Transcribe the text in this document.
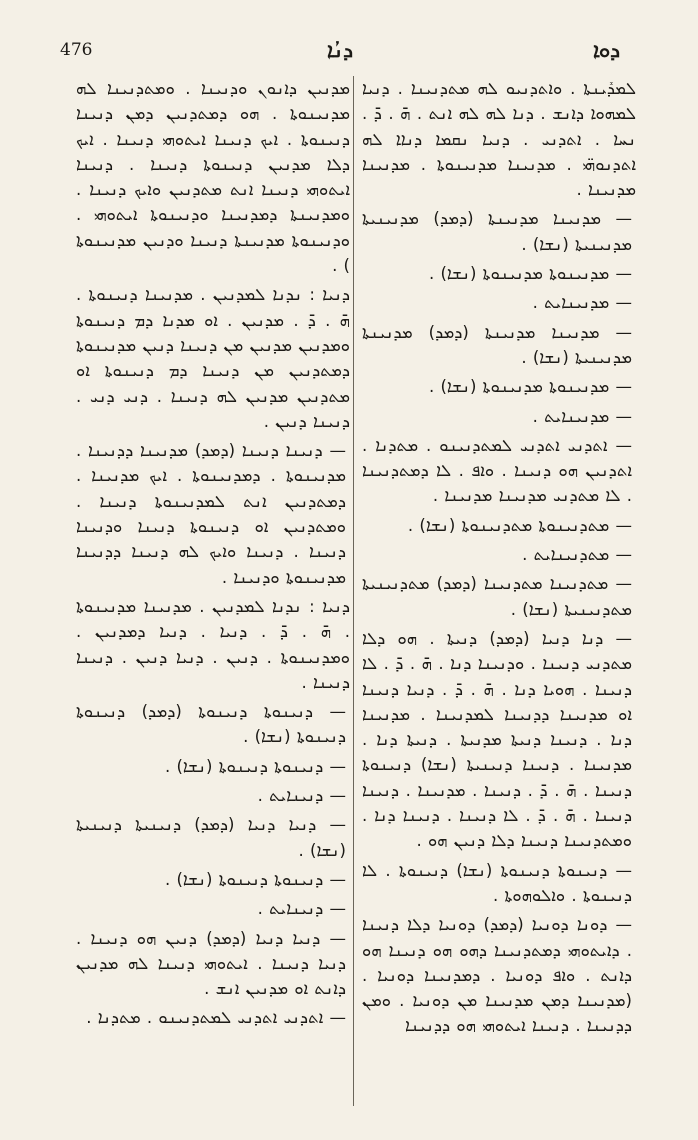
476	ܕܢܳܐ	ܕܘܐ

ܠܡܕܺܝܢܬܐ . ܘܐܬܕܢܝܘ ܠܗ ܡܬܕܢܝܢܐ . ܕܢܝܐ ܠܡܗܘܐ ܕܐܢܫ . ܕܢܐ ܠܗ ܠܗ ܐܢܬ . ܗ̄ . ܕ̄ . ܢܚܐ . ܐܬܕܢܝ . ܕܢܝܐ ܢܩܡܐ ܕܢܐܐ ܠܗ ܐܬܕܢܘܗ̈ܝ . ܡܕܢܝܢܐ ܡܕܢܝܢܘܬܐ . ܡܕܢܝܢܐ ܡܕܢܝܢܐ .

— ܡܕܢܝܢܐ ܡܕܢܝܢܬܐ (ܕܡܕ) ܡܕܢܝܢܝܬܐ ܡܕܢܝܢܝܬܐ (ܢܫܐ) .

— ܡܕܢܝܢܘܬܐ ܡܕܢܝܢܘܬܐ (ܢܫܐ) .

— ܡܕܢܝܢܐܝܬ .

— ܡܕܢܝܢܐ ܡܕܢܝܢܬܐ (ܕܡܕ) ܡܕܢܝܢܬܐ ܡܕܢܝܢܝܬܐ (ܢܫܐ) .

— ܡܕܢܝܢܘܬܐ ܡܕܢܝܢܘܬܐ (ܢܫܐ) .

— ܡܕܢܝܢܐܝܬ .

— ܐܬܕܢܝ ܐܬܕܢܝ ܠܡܬܕܢܝܢܘ . ܡܬܕܢܐ . ܐܬܕܢܝܢ ܗܘ ܕܢܝܢܐ . ܘܐܦ . ܠܐ ܕܡܬܕܢܝܢܐ . ܠܐ ܡܬܕܢܝ ܡܕܢܝܢܐ ܡܕܢܝܢܐ .

— ܡܬܕܢܝܢܘܬܐ ܡܬܕܢܝܢܘܬܐ (ܢܫܐ) .

— ܡܬܕܢܝܢܐܝܬ .

— ܡܬܕܢܝܢܐ ܡܬܕܢܝܢܐ (ܕܡܕ) ܡܬܕܢܝܢܝܬܐ ܡܬܕܢܝܢܝܬܐ (ܢܫܐ) .

— ܕܢܐ ܕܢܝܐ (ܕܡܕ) ܕܢܝܬܐ . ܗܘ ܕܠܐ ܡܬܕܢܝ ܕܢܝܢܐ . ܘܕܢܝܢܐ ܕܢܐ . ܗ̄ . ܕ̄ . ܠܐ ܕܢܝܢܐ . ܗܘܝܐ ܕܢܐ . ܗ̄ . ܕ̄ . ܕܢܝܐ ܕܢܝܢܐ ܐܘ ܡܕܢܝܢܐ ܕܕܢܝܢܐ ܠܡܕܢܝܢܐ . ܡܕܢܝܢܐ ܕܢܐ . ܕܢܝܢܐ ܕܢܝܬܐ ܡܕܢܝܬܐ . ܕܢܝܬܐ ܕܢܐ . ܡܕܢܝܢܐ . ܕܢܝܢܐ ܕܢܝܢܝܬܐ (ܢܫܐ) ܕܢܝܢܘܬܐ ܕܢܝܢܐ . ܗ̄ . ܕ̄ . ܕܢܝܢܐ . ܡܕܢܝܢܐ . ܕܢܝܢܐ ܕܢܝܢܐ . ܗ̄ . ܕ̄ . ܠܐ ܕܢܝܢܐ . ܕܢܝܢܐ ܕܢܐ . ܘܡܬܕܢܝܢܐ ܕܢܝܢܐ ܕܠܐ ܕܢܝܢ ܗܘ .

— ܕܢܝܢܘܬܐ ܕܢܝܢܘܬܐ (ܢܫܐ) ܕܢܝܢܘܬܐ . ܠܐ ܕܢܝܢܘܬܐ . ܘܐܠܘܗܘܬܐ .

— ܕܘܢܐ ܕܘܢܝܐ (ܕܡܕ) ܕܘܢܝܐ ܕܠܐ ܕܢܝܢܐ . ܕܐܝܬܘܗܝ ܕܡܬܕܢܝܢܐ ܕܗܘ ܗܘ ܕܢܝܢܐ ܗܘ ܕܐܢܬ . ܘܐܦ ܕܘܢܝܐ . ܕܡܕܢܝܢܐ ܕܘܢܝܐ . (ܡܕܢܝܢܐ ܕܡܢ ܡܕܢܝܢܐ ܡܢ ܕܘܢܝܐ . ܘܡܢ ܕܕܢܝܢܐ . ܕܢܝܢܐ ܐܝܬܘܗܝ ܗܘ ܕܕܢܝܢܐ

ܡܕܢܝܢ ܕܐܢܘܢ ܘܕܢܝܢܐ . ܘܡܬܕܢܝܢܐ ܠܗ ܡܕܢܝܢܘܬܐ . ܗܘ ܕܡܬܕܢܝܢ ܕܡܢ ܕܢܝܢܐ ܕܢܝܢܘܬܐ . ܐܝܟ ܕܢܝܢܐ ܐܝܬܘܗܝ ܕܢܝܢܐ . ܐܝܟ ܕܠܐ ܡܕܢܝܢ ܕܢܝܢܘܬܐ ܕܢܝܢܐ . ܕܢܝܢܐ ܐܝܬܘܗܝ ܕܢܝܢܐ ܐܢܬ ܡܬܕܢܝܢ ܘܐܝܟ ܕܢܝܢܐ . ܘܡܕܢܝܢܬܐ ܕܡܕܢܝܢܐ ܘܕܢܝܢܘܬܐ ܐܝܬܘܗܝ . ܘܕܢܝܢܘܬܐ ܡܕܢܝܢܬܐ ܕܢܝܢܐ ܘܕܢܝܢ ܡܕܢܝܢܘܬܐ ) .

ܕܢܝܐ : ܢܕܢܐ ܠܡܕܢܝܢ . ܡܕܢܝܢܐ ܕܢܝܢܘܬܐ . ܗ̄ . ܕ̄ . ܡܕܢܝܢ . ܐܘ ܡܕܢܐ ܕܡ ܕܢܝܢܘܬܐ ܘܡܕܢܝܢ ܡܕܢܝܢ ܡܢ ܕܢܝܢܐ ܕܢܝܢ ܡܕܢܝܢܘܬܐ ܕܡܬܕܢܝܢ ܡܢ ܕܢܝܢܐ ܕܡ ܕܢܝܢܘܬܐ ܐܘ ܡܬܕܢܝܢ ܡܕܢܝܢ ܠܗ ܕܢܝܢܐ . ܕܢܝ ܕܢܝ . ܕܢܝܢܐ ܕܢܝܢ .

— ܕܢܝܢܐ ܕܢܝܢܐ (ܕܡܕ) ܡܕܢܝܢܐ ܕܕܢܝܢܐ . ܡܕܢܝܢܘܬܐ . ܕܡܕܢܝܢܘܬܐ . ܐܝܟ ܡܕܢܝܢܐ . ܕܡܬܕܢܝܢ ܐܢܬ ܠܡܕܢܝܢܘܬܐ ܕܢܝܢܐ . ܘܡܬܕܢܝܢ ܐܘ ܕܢܝܢܘܬܐ ܕܢܝܢܐ ܘܕܢܝܢܐ ܕܢܝܢܐ . ܕܢܝܢܐ ܘܐܝܟ ܠܗ ܕܢܝܢܐ ܕܕܢܝܢܐ ܡܕܢܝܢܘܬܐ ܘܕܢܝܢܐ .

ܕܢܝܐ : ܢܕܢܐ ܠܡܕܢܝܢ . ܡܕܢܝܢܐ ܡܕܢܝܢܘܬܐ . ܗ̄ . ܕ̄ . ܕܢܝܐ . ܕܢܝܐ ܕܡܕܢܝܢ . ܘܡܕܢܝܢܘܬܐ . ܕܢܝܢ . ܕܢܝܐ ܕܢܝܢ . ܕܢܝܢܐ ܕܢܝܢܐ .

— ܕܢܝܢܘܬܐ ܕܢܝܢܘܬܐ (ܕܡܕ) ܕܢܝܢܘܬܐ ܕܢܝܢܘܬܐ (ܢܫܐ) .

— ܕܢܝܢܘܬܐ ܕܢܝܢܘܬܐ (ܢܫܐ) .

— ܕܢܝܢܐܝܬ .

— ܕܢܝܐ ܕܢܝܐ (ܕܡܕ) ܕܢܝܢܝܬܐ ܕܢܝܢܝܬܐ (ܢܫܐ) .

— ܕܢܝܢܘܬܐ ܕܢܝܢܘܬܐ (ܢܫܐ) .

— ܕܢܝܢܐܝܬ .

— ܕܢܝܐ ܕܢܝܐ (ܕܡܕ) ܕܢܝܢ ܗܘ ܕܢܝܢܐ . ܕܢܝܐ ܕܢܝܢܐ . ܐܝܬܘܗܝ ܕܢܝܢܐ ܠܗ ܡܕܢܝܢ ܕܐܢܬ ܐܘ ܡܕܢܝܢ ܐܢܫ .

— ܐܬܕܢܝ ܐܬܕܢܝ ܠܡܬܕܢܝܢܘ . ܡܬܕܢܐ .
